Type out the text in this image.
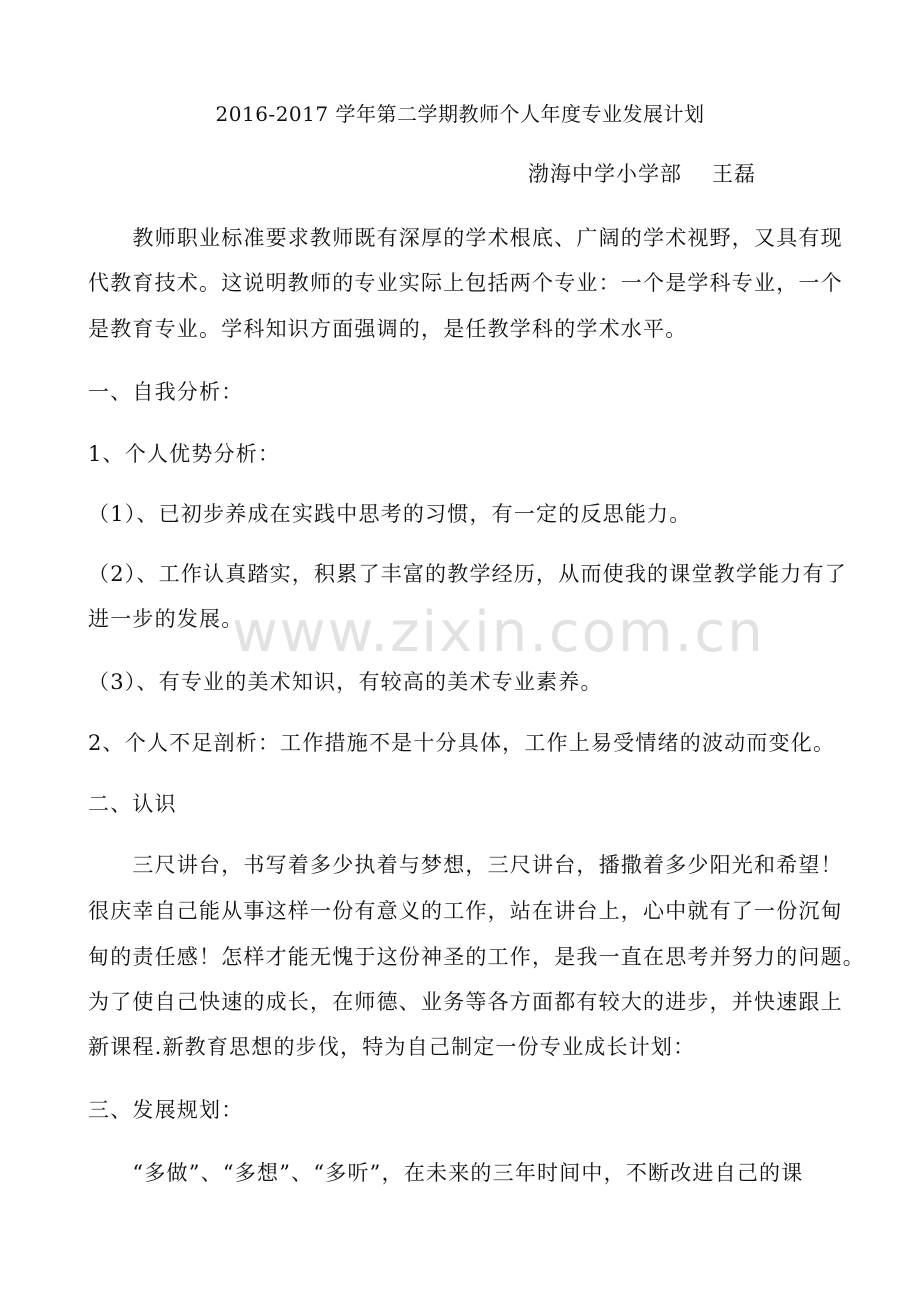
2016-2017 学年第二学期教师个人年度专业发展计划
渤海中学小学部 王磊
　　教师职业标准要求教师既有深厚的学术根底、广阔的学术视野，又具有现
代教育技术。这说明教师的专业实际上包括两个专业：一个是学科专业，一个
是教育专业。学科知识方面强调的，是任教学科的学术水平。
一、自我分析：
1、个人优势分析：
（1）、已初步养成在实践中思考的习惯，有一定的反思能力。
（2）、工作认真踏实，积累了丰富的教学经历，从而使我的课堂教学能力有了
进一步的发展。
（3）、有专业的美术知识，有较高的美术专业素养。
2、个人不足剖析：工作措施不是十分具体，工作上易受情绪的波动而变化。
二、认识
　　三尺讲台，书写着多少执着与梦想，三尺讲台，播撒着多少阳光和希望！
很庆幸自己能从事这样一份有意义的工作，站在讲台上，心中就有了一份沉甸
甸的责任感！怎样才能无愧于这份神圣的工作，是我一直在思考并努力的问题。
为了使自己快速的成长，在师德、业务等各方面都有较大的进步，并快速跟上
新课程.新教育思想的步伐，特为自己制定一份专业成长计划：
三、发展规划：
　　“多做”、“多想”、“多听”，在未来的三年时间中，不断改进自己的课
www.zixin.com.cn
